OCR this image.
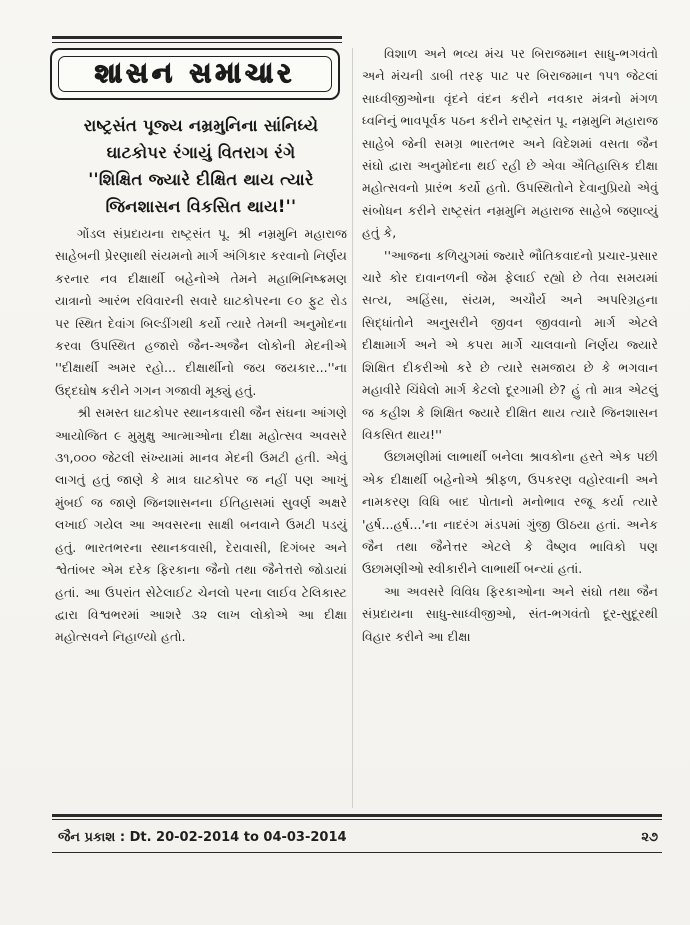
શાસન સમાચાર
રાષ્ટ્રસંત પૂજ્ય નમ્રમુનિના સાંનિધ્યે
ઘાટકોપર રંગાયું વિતરાગ રંગે
''શિક્ષિત જ્યારે દીક્ષિત થાય ત્યારે
જિનશાસન વિકસિત થાય!''

ગોંડલ સંપ્રદાયના રાષ્ટ્રસંત પૂ. શ્રી નમ્રમુનિ મહારાજ સાહેબની પ્રેરણાથી સંયમનો માર્ગ અંગિકાર કરવાનો નિર્ણય કરનાર નવ દીક્ષાર્થી બહેનોએ તેમને મહાભિનિષ્ક્રમણ યાત્રાનો આરંભ રવિવારની સવારે ઘાટકોપરના ૯૦ ફુટ રોડ પર સ્થિત દેવાંગ બિલ્ડીંગથી કર્યો ત્યારે તેમની અનુમોદના કરવા ઉપસ્થિત હજારો જૈન-અજૈન લોકોની મેદનીએ ''દીક્ષાર્થી અમર રહો... દીક્ષાર્થીનો જય જયકાર...''ના ઉદ્દઘોષ કરીને ગગન ગજાવી મૂક્યું હતું.

શ્રી સમસ્ત ઘાટકોપર સ્થાનકવાસી જૈન સંઘના આંગણે આયોજિત ૯ મુમુક્ષુ આત્માઓના દીક્ષા મહોત્સવ અવસરે ૩૧,૦૦૦ જેટલી સંખ્યામાં માનવ મેદની ઉમટી હતી. એવું લાગતું હતું જાણે કે માત્ર ઘાટકોપર જ નહીં પણ આખું મુંબઈ જ જાણે જિનશાસનના ઈતિહાસમાં સુવર્ણ અક્ષરે લખાઈ ગયેલ આ અવસરના સાક્ષી બનવાને ઉમટી પડયું હતું. ભારતભરના સ્થાનકવાસી, દેરાવાસી, દિગંબર અને શ્વેતાંબર એમ દરેક ફિરકાના જૈનો તથા જૈનેત્તરો જોડાયાં હતાં. આ ઉપરાંત સેટેલાઈટ ચેનલો પરના લાઈવ ટેલિકાસ્ટ દ્વારા વિશ્વભરમાં આશરે ૩૨ લાખ લોકોએ આ દીક્ષા મહોત્સવને નિહાળ્યો હતો.

વિશાળ અને ભવ્ય મંચ પર બિરાજમાન સાધુ-ભગવંતો અને મંચની ડાબી તરફ પાટ પર બિરાજમાન ૧૫૧ જેટલાં સાધ્વીજીઓના વૃંદને વંદન કરીને નવકાર મંત્રનો મંગળ ધ્વનિનું ભાવપૂર્વક પઠન કરીને રાષ્ટ્રસંત પૂ. નમ્રમુનિ મહારાજ સાહેબે જેની સમગ્ર ભારતભર અને વિદેશમાં વસતા જૈન સંઘો દ્વારા અનુમોદના થઈ રહી છે એવા ઐતિહાસિક દીક્ષા મહોત્સવનો પ્રારંભ કર્યો હતો. ઉપસ્થિતોને દેવાનુપ્રિયો એવું સંબોધન કરીને રાષ્ટ્રસંત નમ્રમુનિ મહારાજ સાહેબે જણાવ્યું હતું કે,

''આજના કળિયુગમાં જ્યારે ભૌતિકવાદનો પ્રચાર-પ્રસાર ચારે કોર દાવાનળની જેમ ફેલાઈ રહ્યો છે તેવા સમયમાં સત્ય, અહિંસા, સંયમ, અચૌર્ય અને અપરિગ્રહના સિદ્ધાંતોને અનુસરીને જીવન જીવવાનો માર્ગ એટલે દીક્ષામાર્ગ અને એ કપરા માર્ગે ચાલવાનો નિર્ણય જ્યારે શિક્ષિત દીકરીઓ કરે છે ત્યારે સમજાય છે કે ભગવાન મહાવીરે ચિંધેલો માર્ગ કેટલો દૂરગામી છે? હું તો માત્ર એટલું જ કહીશ કે શિક્ષિત જ્યારે દીક્ષિત થાય ત્યારે જિનશાસન વિકસિત થાય!''

ઉછામણીમાં લાભાર્થી બનેલા શ્રાવકોના હસ્તે એક પછી એક દીક્ષાર્થી બહેનોએ શ્રીફળ, ઉપકરણ વહોરવાની અને નામકરણ વિધિ બાદ પોતાનો મનોભાવ રજૂ કર્યા ત્યારે 'હર્ષ...હર્ષ...'ના નાદરંગ મંડપમાં ગુંજી ઊઠયા હતાં. અનેક જૈન તથા જૈનેત્તર એટલે કે વૈષ્ણવ ભાવિકો પણ ઉછામણીઓ સ્વીકારીને લાભાર્થી બન્યાં હતાં.

આ અવસરે વિવિધ ફિરકાઓના અને સંઘો તથા જૈન સંપ્રદાયના સાધુ-સાધ્વીજીઓ, સંત-ભગવંતો દૂર-સુદૂરથી વિહાર કરીને આ દીક્ષા

જૈન પ્રકાશ : Dt. 20-02-2014 to 04-03-2014	૨૭
